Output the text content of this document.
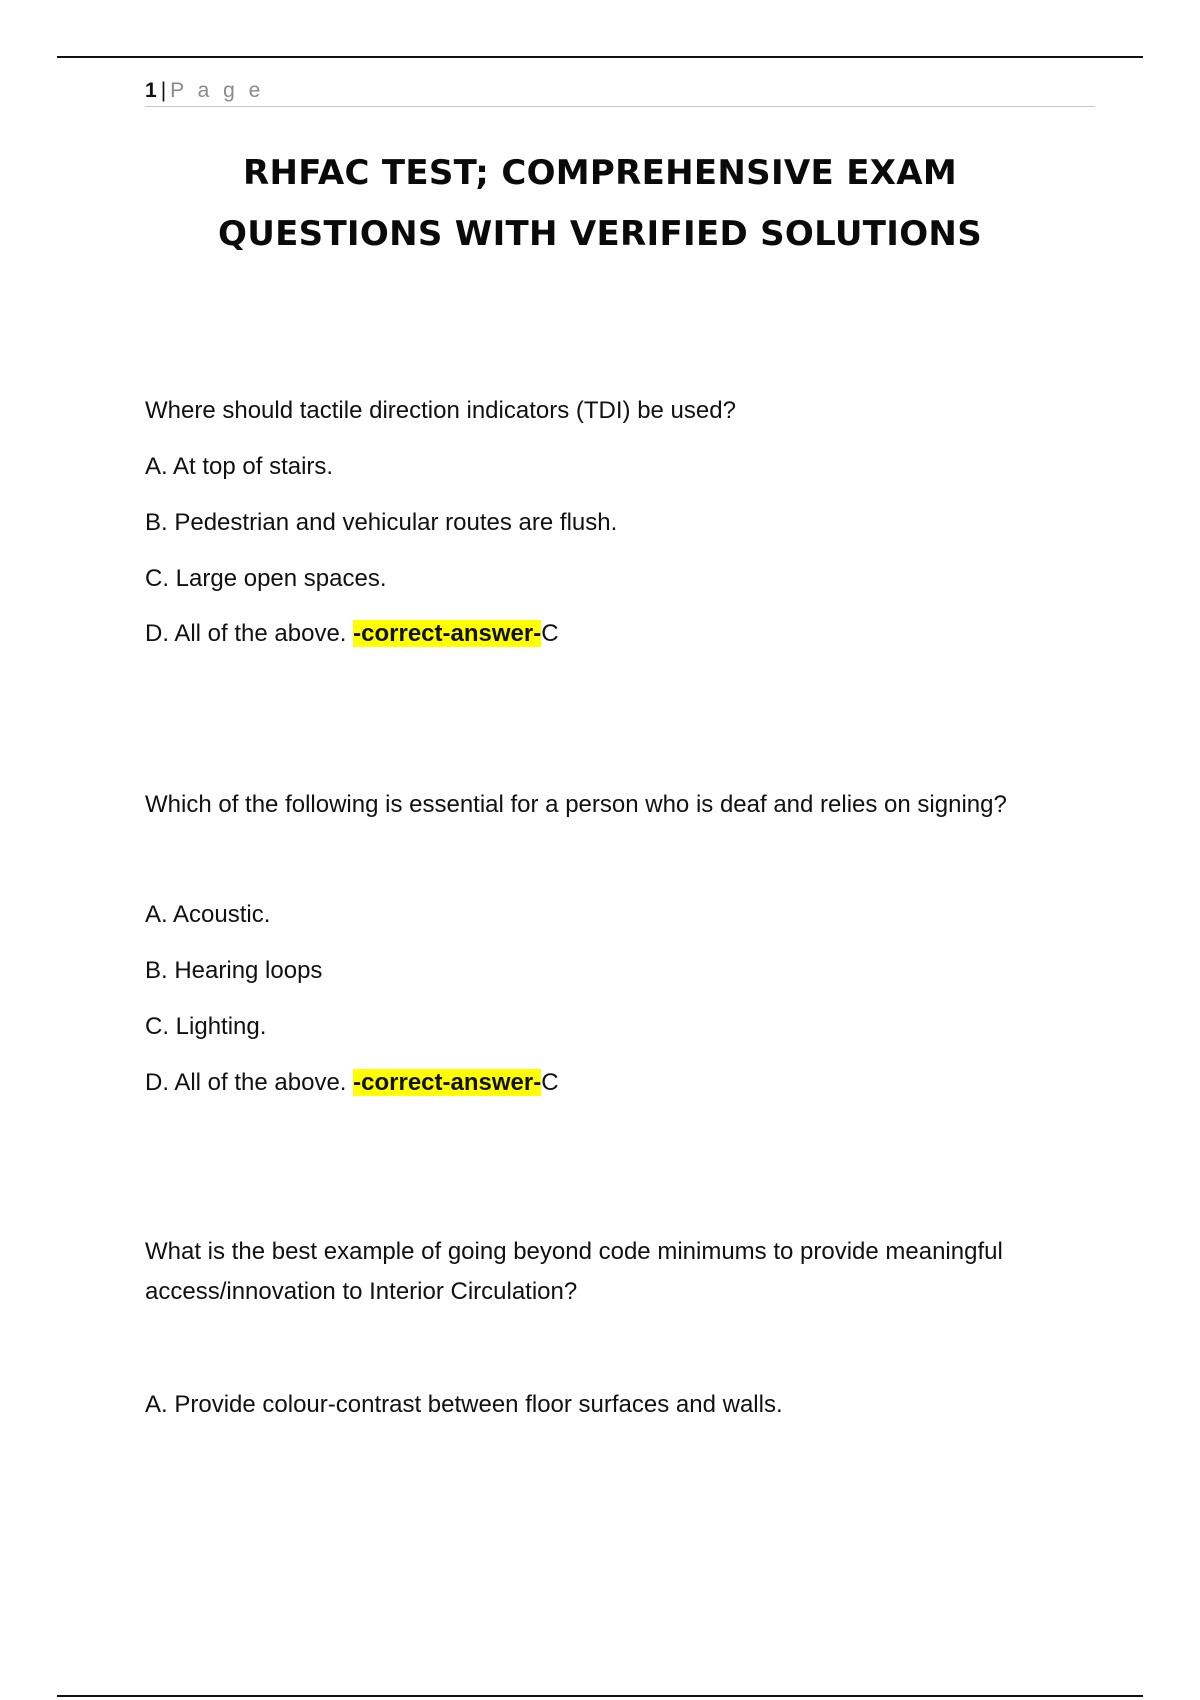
1 | P a g e
RHFAC TEST; COMPREHENSIVE EXAM
QUESTIONS WITH VERIFIED SOLUTIONS
Where should tactile direction indicators (TDI) be used?
A. At top of stairs.
B. Pedestrian and vehicular routes are flush.
C. Large open spaces.
D. All of the above. -correct-answer-C
Which of the following is essential for a person who is deaf and relies on signing?
A. Acoustic.
B. Hearing loops
C. Lighting.
D. All of the above. -correct-answer-C
What is the best example of going beyond code minimums to provide meaningful access/innovation to Interior Circulation?
A. Provide colour-contrast between floor surfaces and walls.
